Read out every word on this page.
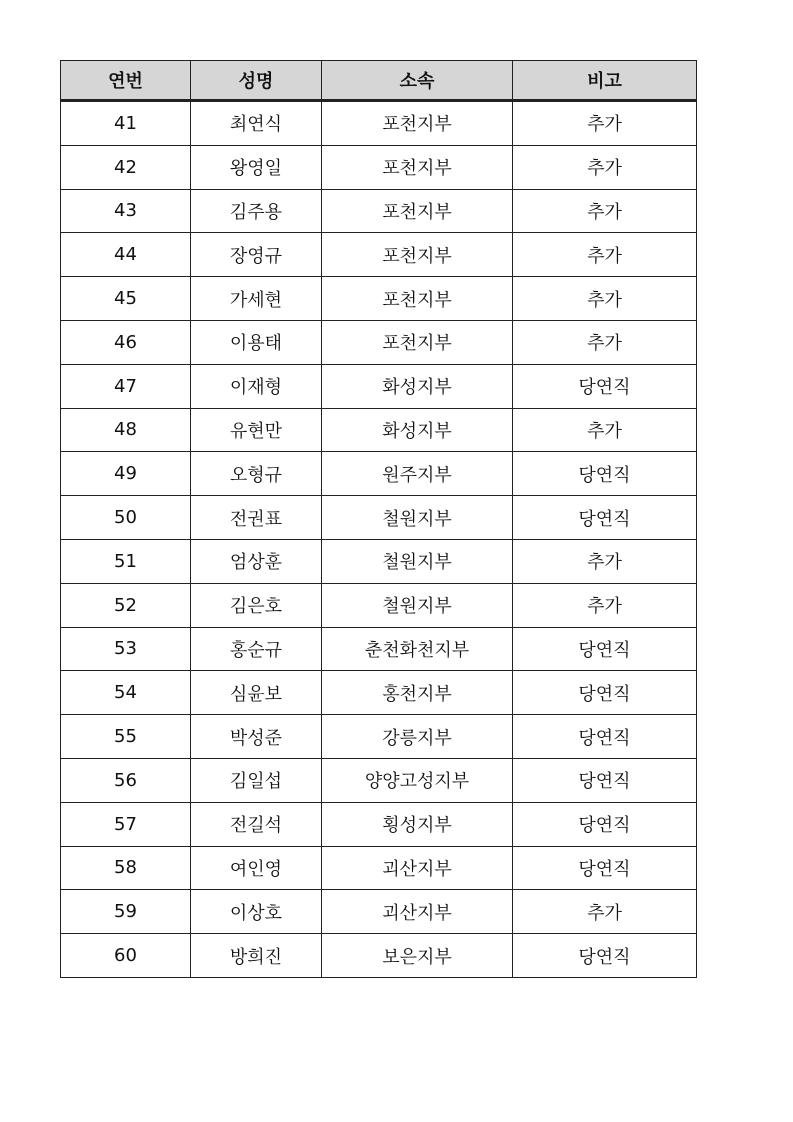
연번	성명	소속	비고
41	최연식	포천지부	추가
42	왕영일	포천지부	추가
43	김주용	포천지부	추가
44	장영규	포천지부	추가
45	가세현	포천지부	추가
46	이용태	포천지부	추가
47	이재형	화성지부	당연직
48	유현만	화성지부	추가
49	오형규	원주지부	당연직
50	전권표	철원지부	당연직
51	엄상훈	철원지부	추가
52	김은호	철원지부	추가
53	홍순규	춘천화천지부	당연직
54	심윤보	홍천지부	당연직
55	박성준	강릉지부	당연직
56	김일섭	양양고성지부	당연직
57	전길석	횡성지부	당연직
58	여인영	괴산지부	당연직
59	이상호	괴산지부	추가
60	방희진	보은지부	당연직
